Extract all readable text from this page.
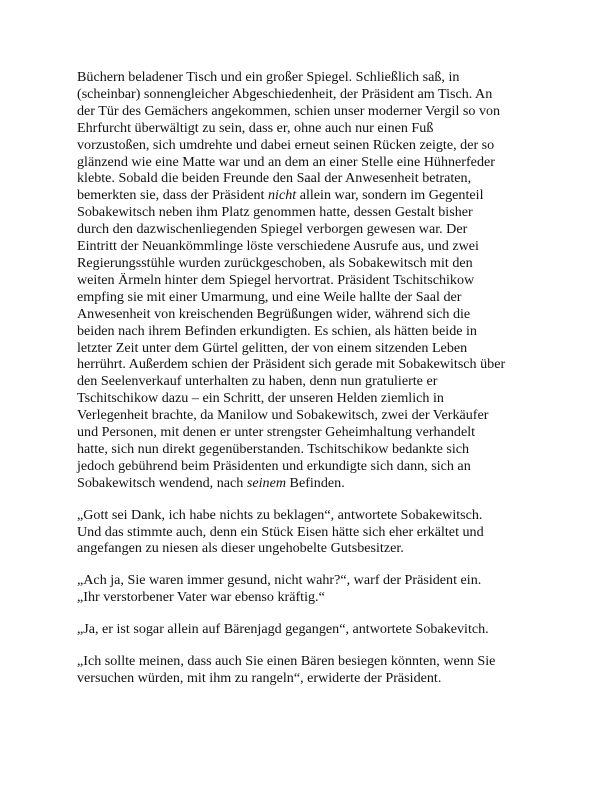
Büchern beladener Tisch und ein großer Spiegel. Schließlich saß, in
(scheinbar) sonnengleicher Abgeschiedenheit, der Präsident am Tisch. An
der Tür des Gemächers angekommen, schien unser moderner Vergil so von
Ehrfurcht überwältigt zu sein, dass er, ohne auch nur einen Fuß
vorzustoßen, sich umdrehte und dabei erneut seinen Rücken zeigte, der so
glänzend wie eine Matte war und an dem an einer Stelle eine Hühnerfeder
klebte. Sobald die beiden Freunde den Saal der Anwesenheit betraten,
bemerkten sie, dass der Präsident nicht allein war, sondern im Gegenteil
Sobakewitsch neben ihm Platz genommen hatte, dessen Gestalt bisher
durch den dazwischenliegenden Spiegel verborgen gewesen war. Der
Eintritt der Neuankömmlinge löste verschiedene Ausrufe aus, und zwei
Regierungsstühle wurden zurückgeschoben, als Sobakewitsch mit den
weiten Ärmeln hinter dem Spiegel hervortrat. Präsident Tschitschikow
empfing sie mit einer Umarmung, und eine Weile hallte der Saal der
Anwesenheit von kreischenden Begrüßungen wider, während sich die
beiden nach ihrem Befinden erkundigten. Es schien, als hätten beide in
letzter Zeit unter dem Gürtel gelitten, der von einem sitzenden Leben
herrührt. Außerdem schien der Präsident sich gerade mit Sobakewitsch über
den Seelenverkauf unterhalten zu haben, denn nun gratulierte er
Tschitschikow dazu – ein Schritt, der unseren Helden ziemlich in
Verlegenheit brachte, da Manilow und Sobakewitsch, zwei der Verkäufer
und Personen, mit denen er unter strengster Geheimhaltung verhandelt
hatte, sich nun direkt gegenüberstanden. Tschitschikow bedankte sich
jedoch gebührend beim Präsidenten und erkundigte sich dann, sich an
Sobakewitsch wendend, nach seinem Befinden.

„Gott sei Dank, ich habe nichts zu beklagen“, antwortete Sobakewitsch.
Und das stimmte auch, denn ein Stück Eisen hätte sich eher erkältet und
angefangen zu niesen als dieser ungehobelte Gutsbesitzer.

„Ach ja, Sie waren immer gesund, nicht wahr?“, warf der Präsident ein.
„Ihr verstorbener Vater war ebenso kräftig.“

„Ja, er ist sogar allein auf Bärenjagd gegangen“, antwortete Sobakevitch.

„Ich sollte meinen, dass auch Sie einen Bären besiegen könnten, wenn Sie
versuchen würden, mit ihm zu rangeln“, erwiderte der Präsident.
